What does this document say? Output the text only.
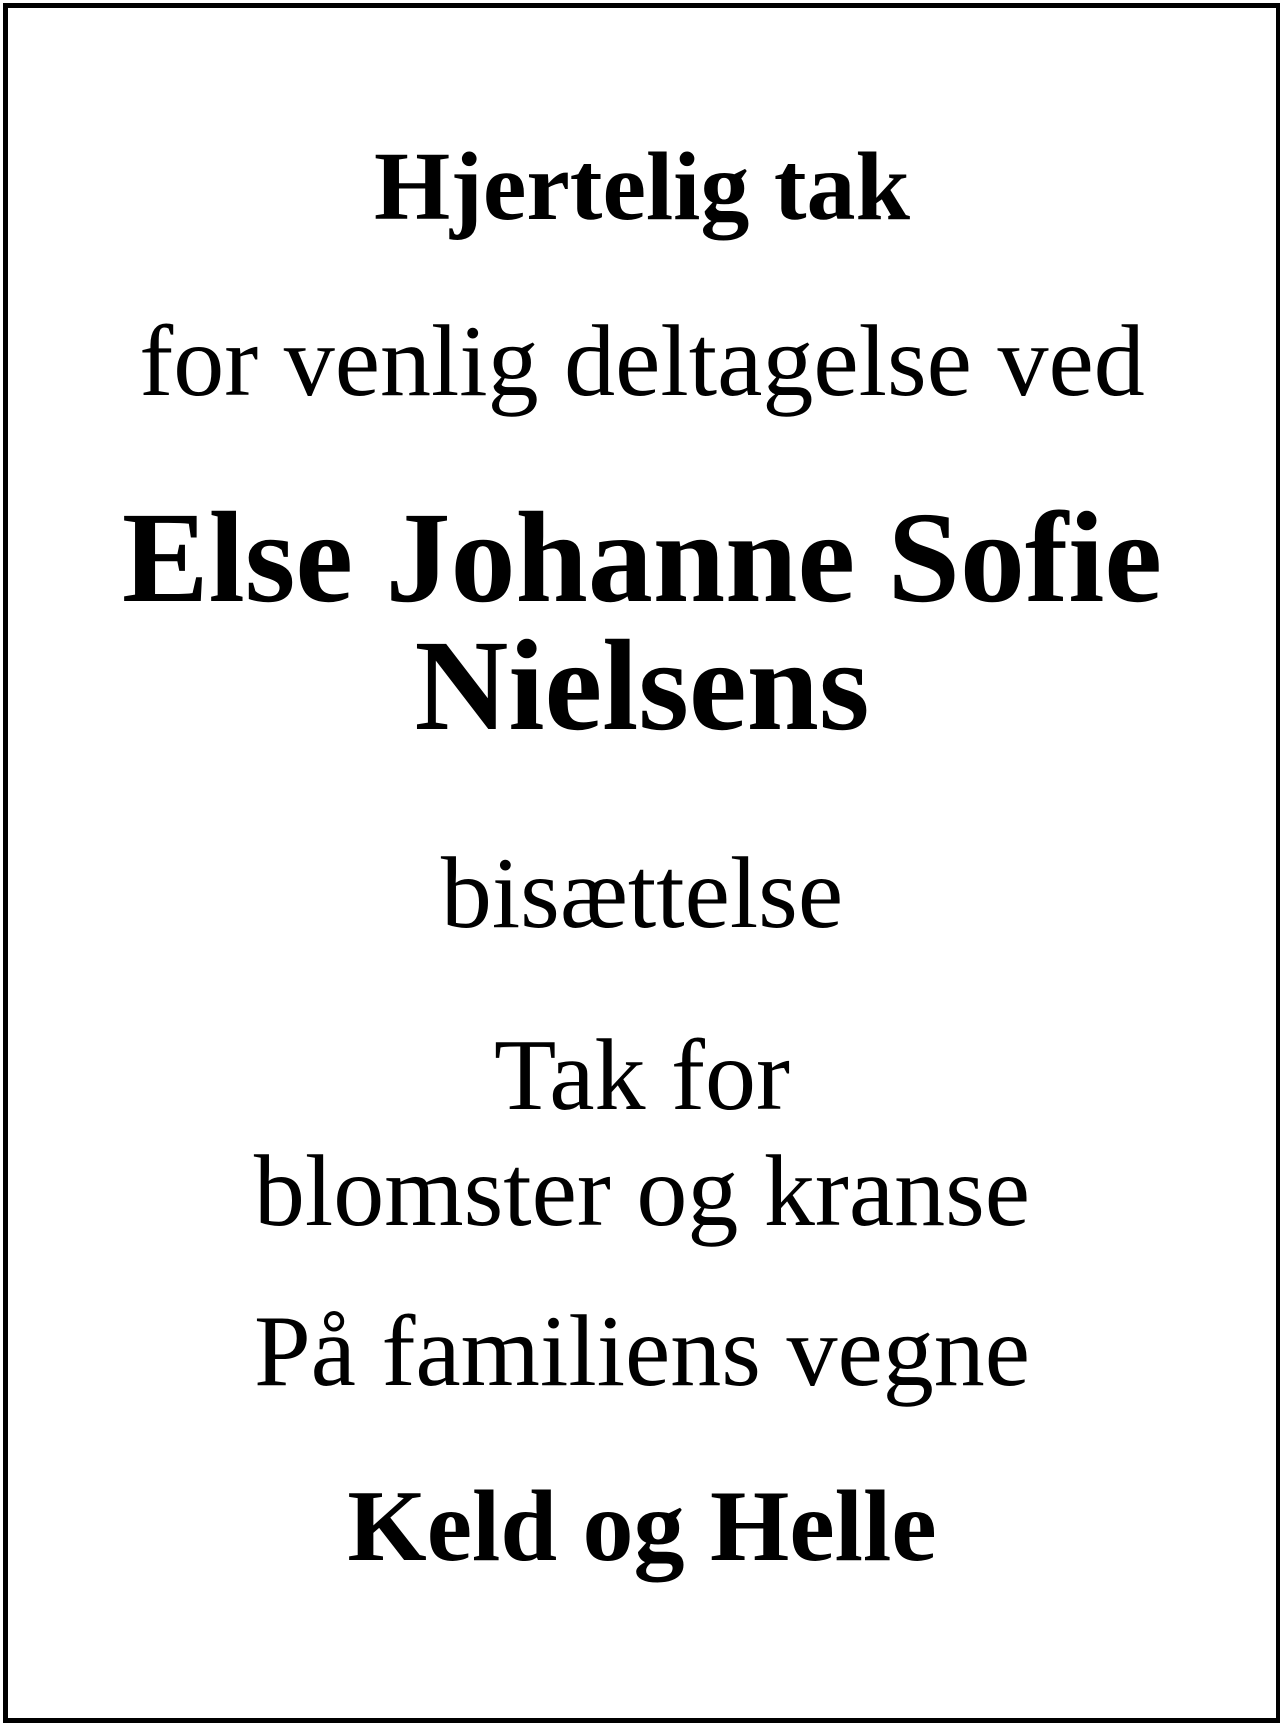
Hjertelig tak
for venlig deltagelse ved
Else Johanne Sofie
Nielsens
bisættelse
Tak for
blomster og kranse
På familiens vegne
Keld og Helle
